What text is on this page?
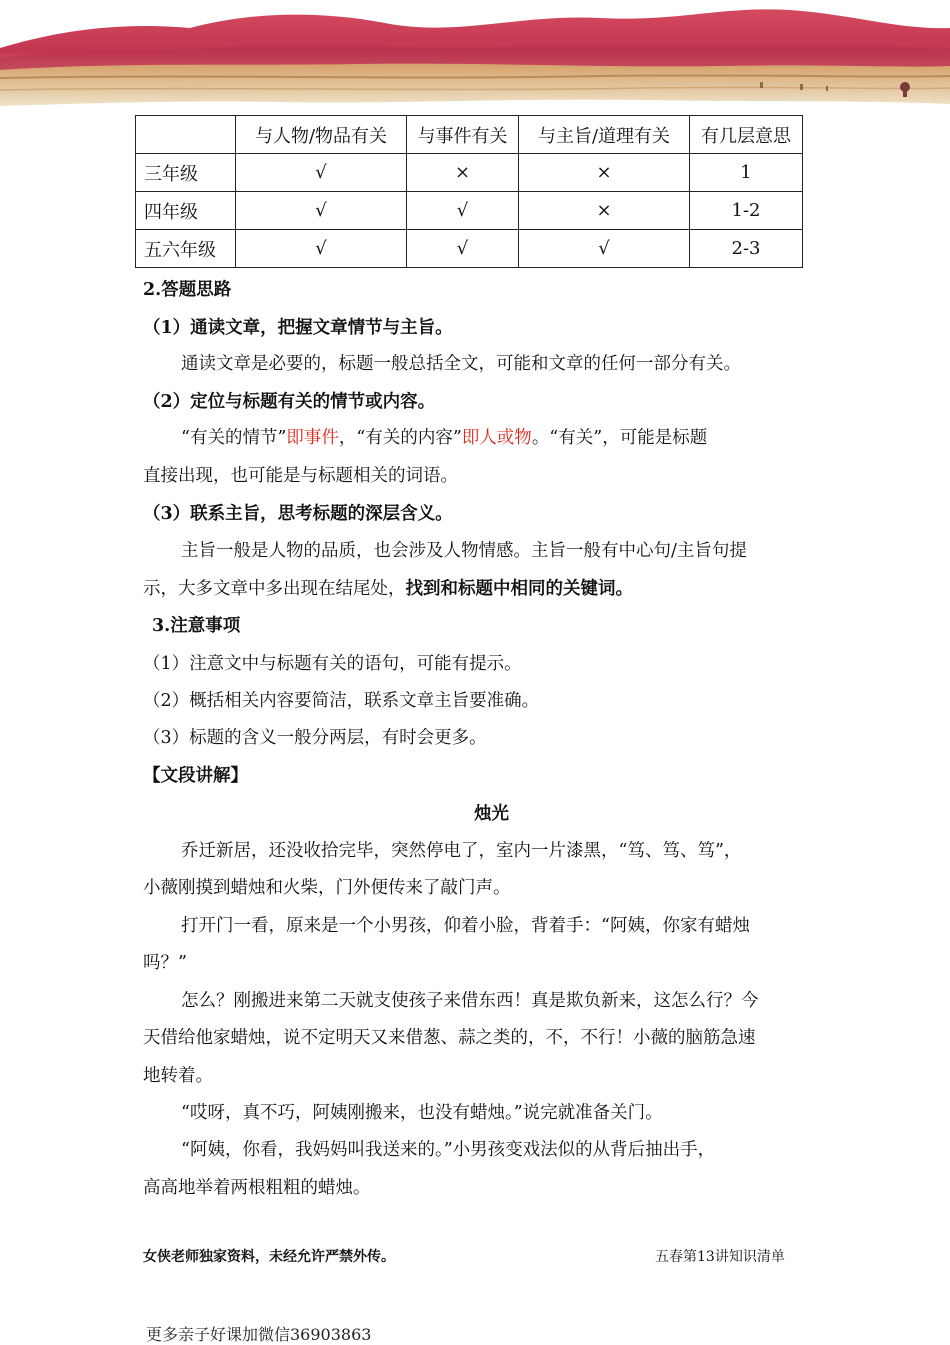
	与人物/物品有关	与事件有关	与主旨/道理有关	有几层意思
三年级	√	×	×	1
四年级	√	√	×	1-2
五六年级	√	√	√	2-3
2.答题思路
（1）通读文章，把握文章情节与主旨。
通读文章是必要的，标题一般总括全文，可能和文章的任何一部分有关。
（2）定位与标题有关的情节或内容。
“有关的情节”即事件，“有关的内容”即人或物。“有关”，可能是标题
直接出现，也可能是与标题相关的词语。
（3）联系主旨，思考标题的深层含义。
主旨一般是人物的品质，也会涉及人物情感。主旨一般有中心句/主旨句提
示，大多文章中多出现在结尾处，找到和标题中相同的关键词。
3.注意事项
（1）注意文中与标题有关的语句，可能有提示。
（2）概括相关内容要简洁，联系文章主旨要准确。
（3）标题的含义一般分两层，有时会更多。
【文段讲解】
烛光
乔迁新居，还没收拾完毕，突然停电了，室内一片漆黑，“笃、笃、笃”，
小薇刚摸到蜡烛和火柴，门外便传来了敲门声。
打开门一看，原来是一个小男孩，仰着小脸，背着手：“阿姨，你家有蜡烛
吗？”
怎么？刚搬进来第二天就支使孩子来借东西！真是欺负新来，这怎么行？今
天借给他家蜡烛，说不定明天又来借葱、蒜之类的，不，不行！小薇的脑筋急速
地转着。
“哎呀，真不巧，阿姨刚搬来，也没有蜡烛。”说完就准备关门。
“阿姨，你看，我妈妈叫我送来的。”小男孩变戏法似的从背后抽出手，
高高地举着两根粗粗的蜡烛。
女侠老师独家资料，未经允许严禁外传。	五春第13讲知识清单
更多亲子好课加微信36903863
